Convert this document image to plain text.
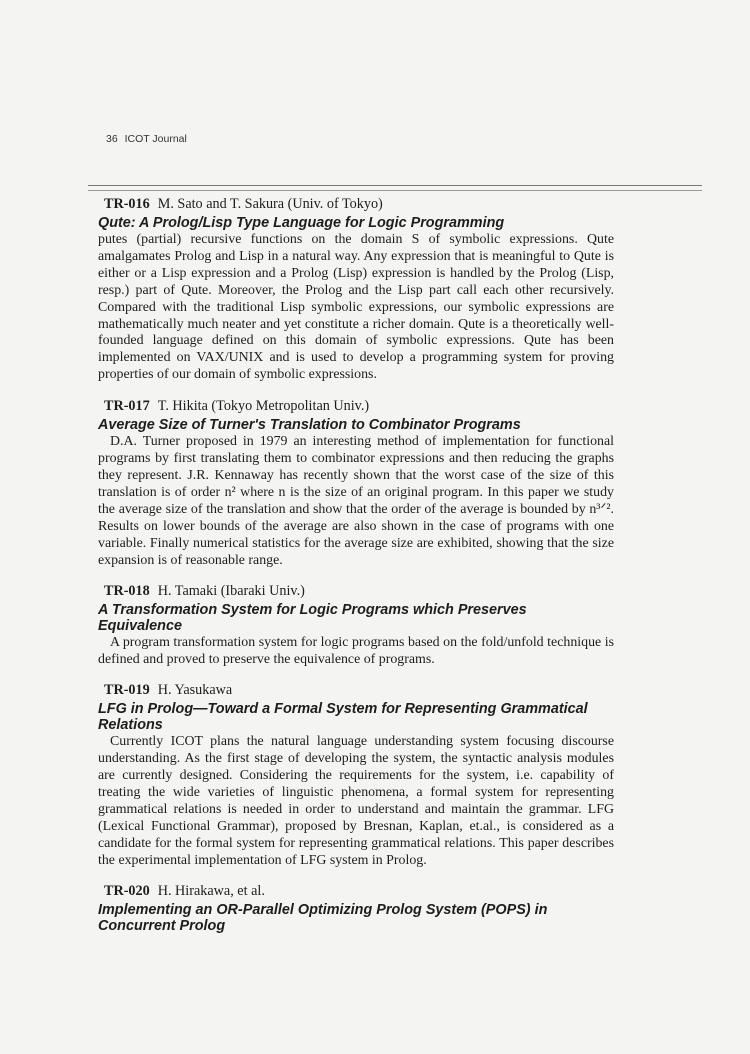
36 ICOT Journal
TR-016 M. Sato and T. Sakura (Univ. of Tokyo)
Qute: A Prolog/Lisp Type Language for Logic Programming

putes (partial) recursive functions on the domain S of symbolic expressions. Qute amalgamates Prolog and Lisp in a natural way. Any expression that is meaningful to Qute is either or a Lisp expression and a Prolog (Lisp) expression is handled by the Prolog (Lisp, resp.) part of Qute. Moreover, the Prolog and the Lisp part call each other recursively. Compared with the traditional Lisp symbolic expressions, our symbolic expressions are mathematically much neater and yet constitute a richer domain. Qute is a theoretically well-founded language defined on this domain of symbolic expressions. Qute has been implemented on VAX/UNIX and is used to develop a programming system for proving properties of our domain of symbolic expressions.

TR-017 T. Hikita (Tokyo Metropolitan Univ.)
Average Size of Turner's Translation to Combinator Programs

D.A. Turner proposed in 1979 an interesting method of implementation for functional programs by first translating them to combinator expressions and then reducing the graphs they represent. J.R. Kennaway has recently shown that the worst case of the size of this translation is of order n² where n is the size of an original program. In this paper we study the average size of the translation and show that the order of the average is bounded by n³ᐟ². Results on lower bounds of the average are also shown in the case of programs with one variable. Finally numerical statistics for the average size are exhibited, showing that the size expansion is of reasonable range.

TR-018 H. Tamaki (Ibaraki Univ.)
A Transformation System for Logic Programs which Preserves Equivalence

A program transformation system for logic programs based on the fold/unfold technique is defined and proved to preserve the equivalence of programs.

TR-019 H. Yasukawa
LFG in Prolog—Toward a Formal System for Representing Grammatical Relations

Currently ICOT plans the natural language understanding system focusing discourse understanding. As the first stage of developing the system, the syntactic analysis modules are currently designed. Considering the requirements for the system, i.e. capability of treating the wide varieties of linguistic phenomena, a formal system for representing grammatical relations is needed in order to understand and maintain the grammar. LFG (Lexical Functional Grammar), proposed by Bresnan, Kaplan, et.al., is considered as a candidate for the formal system for representing grammatical relations. This paper describes the experimental implementation of LFG system in Prolog.

TR-020 H. Hirakawa, et al.
Implementing an OR-Parallel Optimizing Prolog System (POPS) in Concurrent Prolog
